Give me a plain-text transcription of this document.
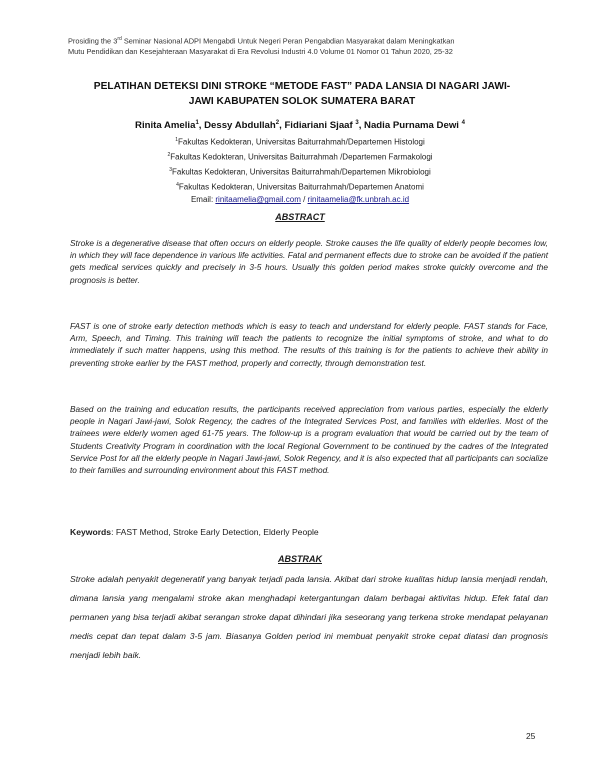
Prosiding the 3rd Seminar Nasional ADPI Mengabdi Untuk Negeri Peran Pengabdian Masyarakat dalam Meningkatkan
Mutu Pendidikan dan Kesejahteraan Masyarakat di Era Revolusi Industri 4.0 Volume 01 Nomor 01 Tahun 2020, 25-32
PELATIHAN DETEKSI DINI STROKE “METODE FAST” PADA LANSIA DI NAGARI JAWI-
JAWI KABUPATEN SOLOK SUMATERA BARAT
Rinita Amelia$^1$, Dessy Abdullah$^2$, Fidiariani Sjaaf $^3$, Nadia Purnama Dewi $^4$
$^1$Fakultas Kedokteran, Universitas Baiturrahmah/Departemen Histologi
$^2$Fakultas Kedokteran, Universitas Baiturrahmah /Departemen Farmakologi
$^3$Fakultas Kedokteran, Universitas Baiturrahmah/Departemen Mikrobiologi
$^4$Fakultas Kedokteran, Universitas Baiturrahmah/Departemen Anatomi
Email: rinitaamelia@gmail.com / rinitaamelia@fk.unbrah.ac.id
ABSTRACT

Stroke is a degenerative disease that often occurs on elderly people. Stroke causes the life quality of elderly people becomes low, in which they will face dependence in various life activities. Fatal and permanent effects due to stroke can be avoided if the patient gets medical services quickly and precisely in 3-5 hours. Usually this golden period makes stroke quickly overcome and the prognosis is better.

FAST is one of stroke early detection methods which is easy to teach and understand for elderly people. FAST stands for Face, Arm, Speech, and Timing. This training will teach the patients to recognize the initial symptoms of stroke, and what to do immediately if such matter happens, using this method. The results of this training is for the patients to achieve their ability in preventing stroke earlier by the FAST method, properly and correctly, through demonstration test.

Based on the training and education results, the participants received appreciation from various parties, especially the elderly people in Nagari Jawi-jawi, Solok Regency, the cadres of the Integrated Services Post, and families with elderlies. Most of the trainees were elderly women aged 61-75 years. The follow-up is a program evaluation that would be carried out by the team of Students Creativity Program in coordination with the local Regional Government to be continued by the cadres of the Integrated Service Post for all the elderly people in Nagari Jawi-jawi, Solok Regency, and it is also expected that all participants can socialize to their families and surrounding environment about this FAST method.

Keywords: FAST Method, Stroke Early Detection, Elderly People
ABSTRAK

Stroke adalah penyakit degeneratif yang banyak terjadi pada lansia. Akibat dari stroke kualitas hidup lansia menjadi rendah, dimana lansia yang mengalami stroke akan menghadapi ketergantungan dalam berbagai aktivitas hidup. Efek fatal dan permanen yang bisa terjadi akibat serangan stroke dapat dihindari jika seseorang yang terkena stroke mendapat pelayanan medis cepat dan tepat dalam 3-5 jam. Biasanya Golden period ini membuat penyakit stroke cepat diatasi dan prognosis menjadi lebih baik.

25
